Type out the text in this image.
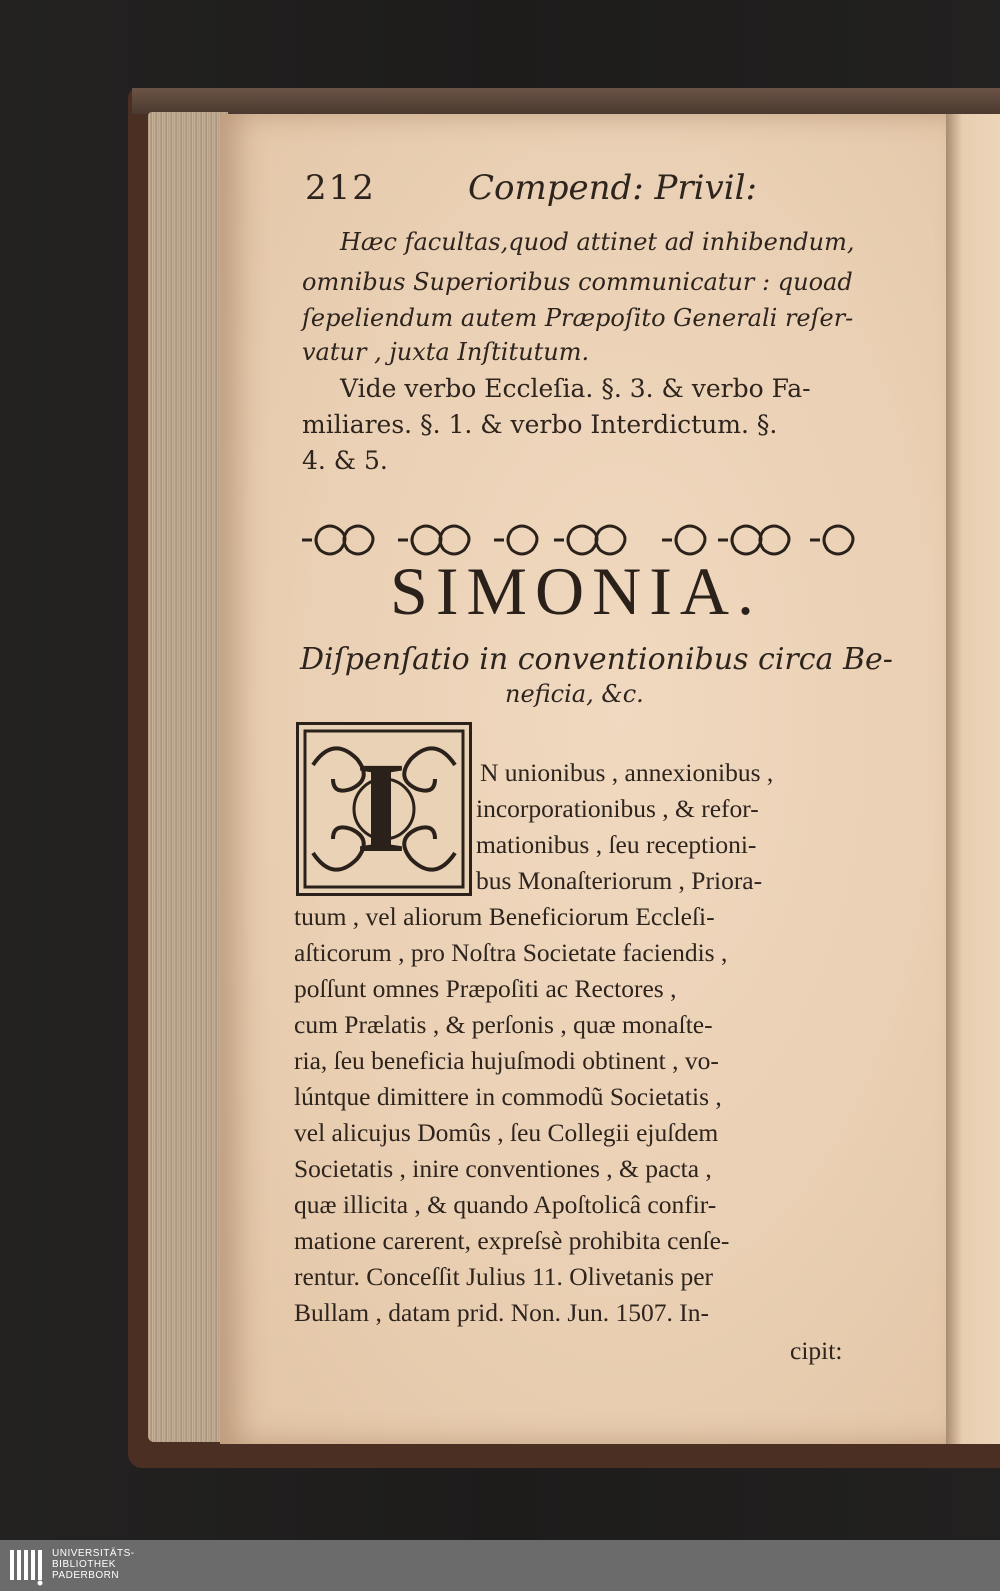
212	Compend: Privil:
Hæc facultas,quod attinet ad inhibendum,
omnibus Superioribus communicatur : quoad
ſepeliendum autem Præpoſito Generali reſer-
vatur , juxta Inſtitutum.
Vide verbo Eccleſia. §. 3. & verbo Fa-
miliares. §. 1. & verbo Interdictum. §.
4. & 5.
SIMONIA.
Diſpenſatio in conventionibus circa Be-
neficia, &c.
I	N unionibus , annexionibus ,
incorporationibus , & refor-
mationibus , ſeu receptioni-
bus Monaſteriorum , Priora-
tuum , vel aliorum Beneficiorum Eccleſi-
aſticorum , pro Noſtra Societate faciendis ,
poſſunt omnes Præpoſiti ac Rectores ,
cum Prælatis , & perſonis , quæ monaſte-
ria, ſeu beneficia hujuſmodi obtinent , vo-
lúntque dimittere in commodũ Societatis ,
vel alicujus Domûs , ſeu Collegii ejuſdem
Societatis , inire conventiones , & pacta ,
quæ illicita , & quando Apoſtolicâ confir-
matione carerent, expreſsè prohibita cenſe-
rentur. Conceſſit Julius 11. Olivetanis per
Bullam , datam prid. Non. Jun. 1507. In-
cipit:
UNIVERSITÄTS-
BIBLIOTHEK
PADERBORN
